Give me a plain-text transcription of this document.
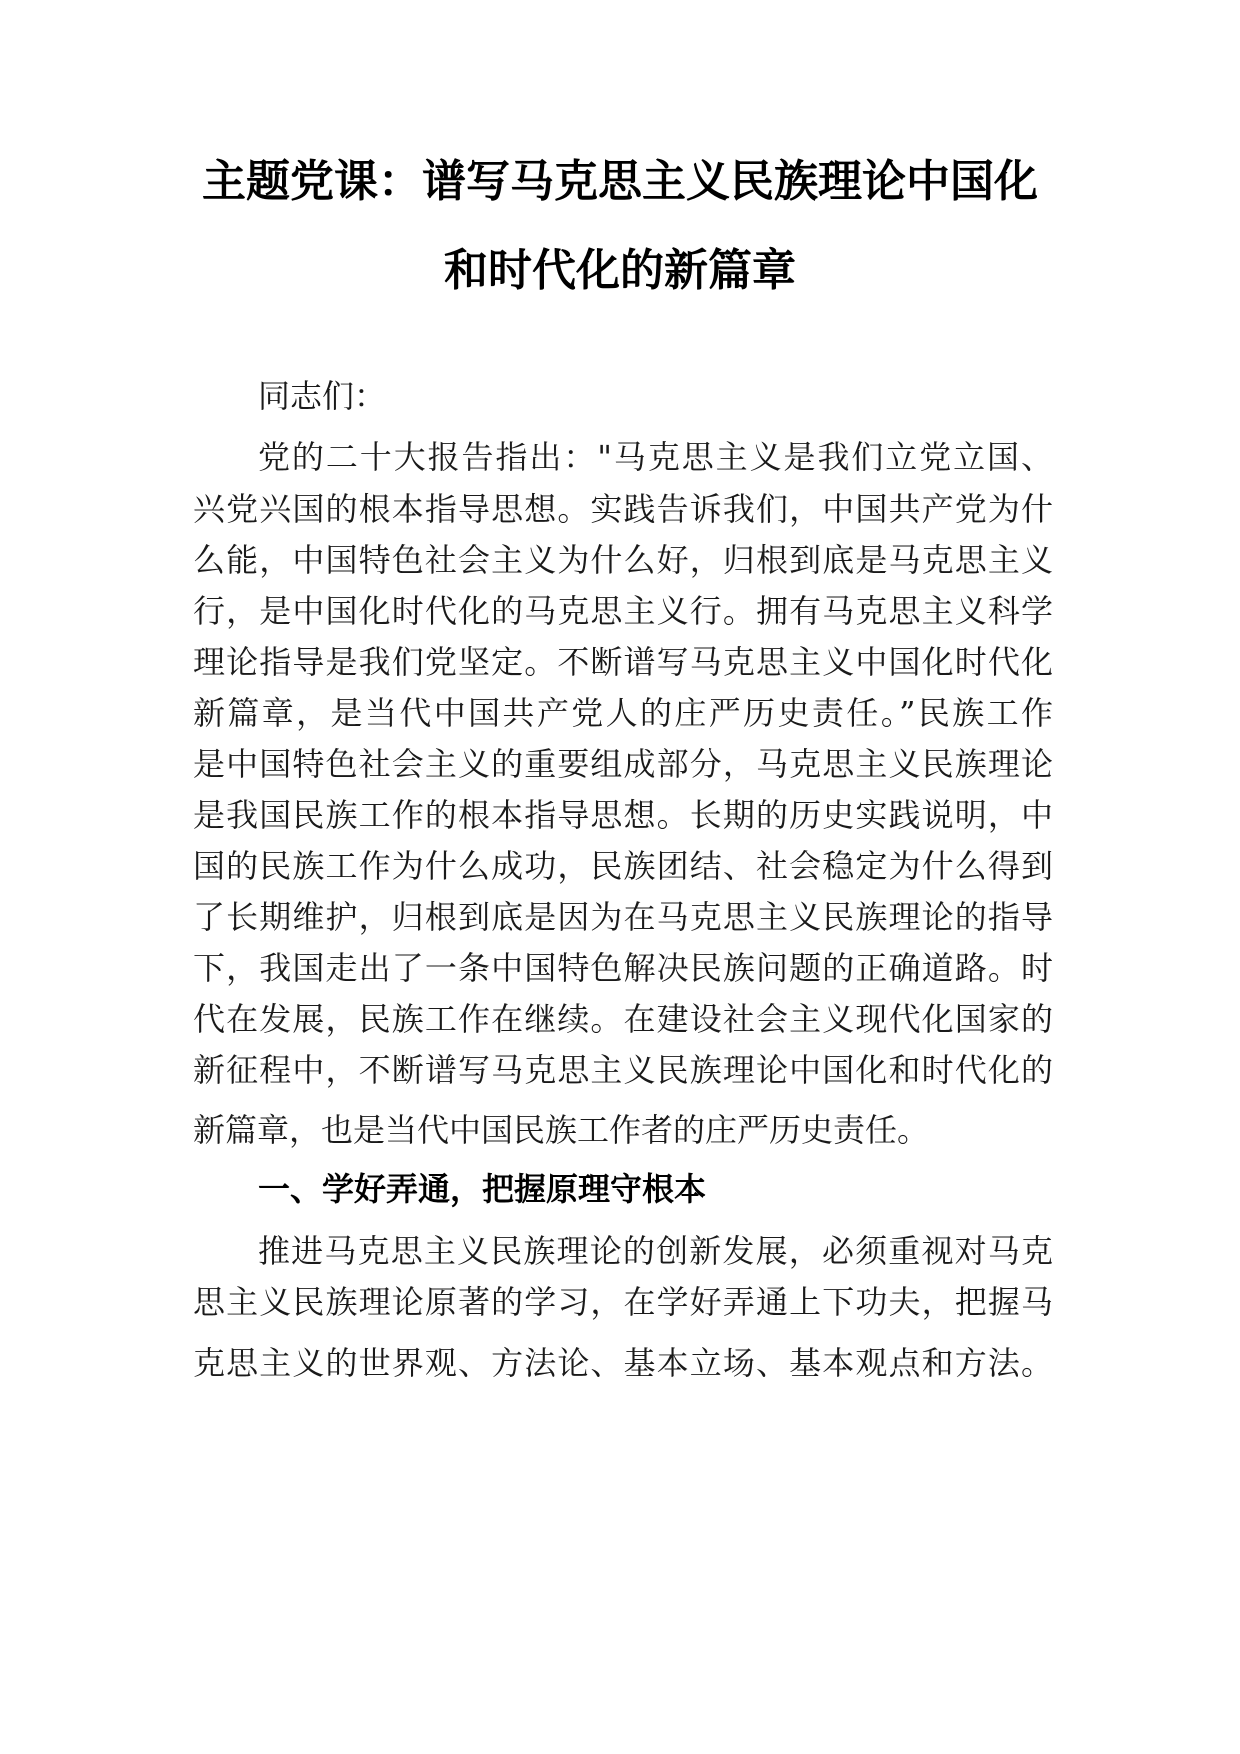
主题党课：谱写马克思主义民族理论中国化
和时代化的新篇章

同志们：

党的二十大报告指出："马克思主义是我们立党立国、

兴党兴国的根本指导思想。实践告诉我们，中国共产党为什

么能，中国特色社会主义为什么好，归根到底是马克思主义

行，是中国化时代化的马克思主义行。拥有马克思主义科学

理论指导是我们党坚定。不断谱写马克思主义中国化时代化

新篇章，是当代中国共产党人的庄严历史责任。”民族工作

是中国特色社会主义的重要组成部分，马克思主义民族理论

是我国民族工作的根本指导思想。长期的历史实践说明，中

国的民族工作为什么成功，民族团结、社会稳定为什么得到

了长期维护，归根到底是因为在马克思主义民族理论的指导

下，我国走出了一条中国特色解决民族问题的正确道路。时

代在发展，民族工作在继续。在建设社会主义现代化国家的

新征程中，不断谱写马克思主义民族理论中国化和时代化的

新篇章，也是当代中国民族工作者的庄严历史责任。

一、学好弄通，把握原理守根本

推进马克思主义民族理论的创新发展，必须重视对马克

思主义民族理论原著的学习，在学好弄通上下功夫，把握马

克思主义的世界观、方法论、基本立场、基本观点和方法。
